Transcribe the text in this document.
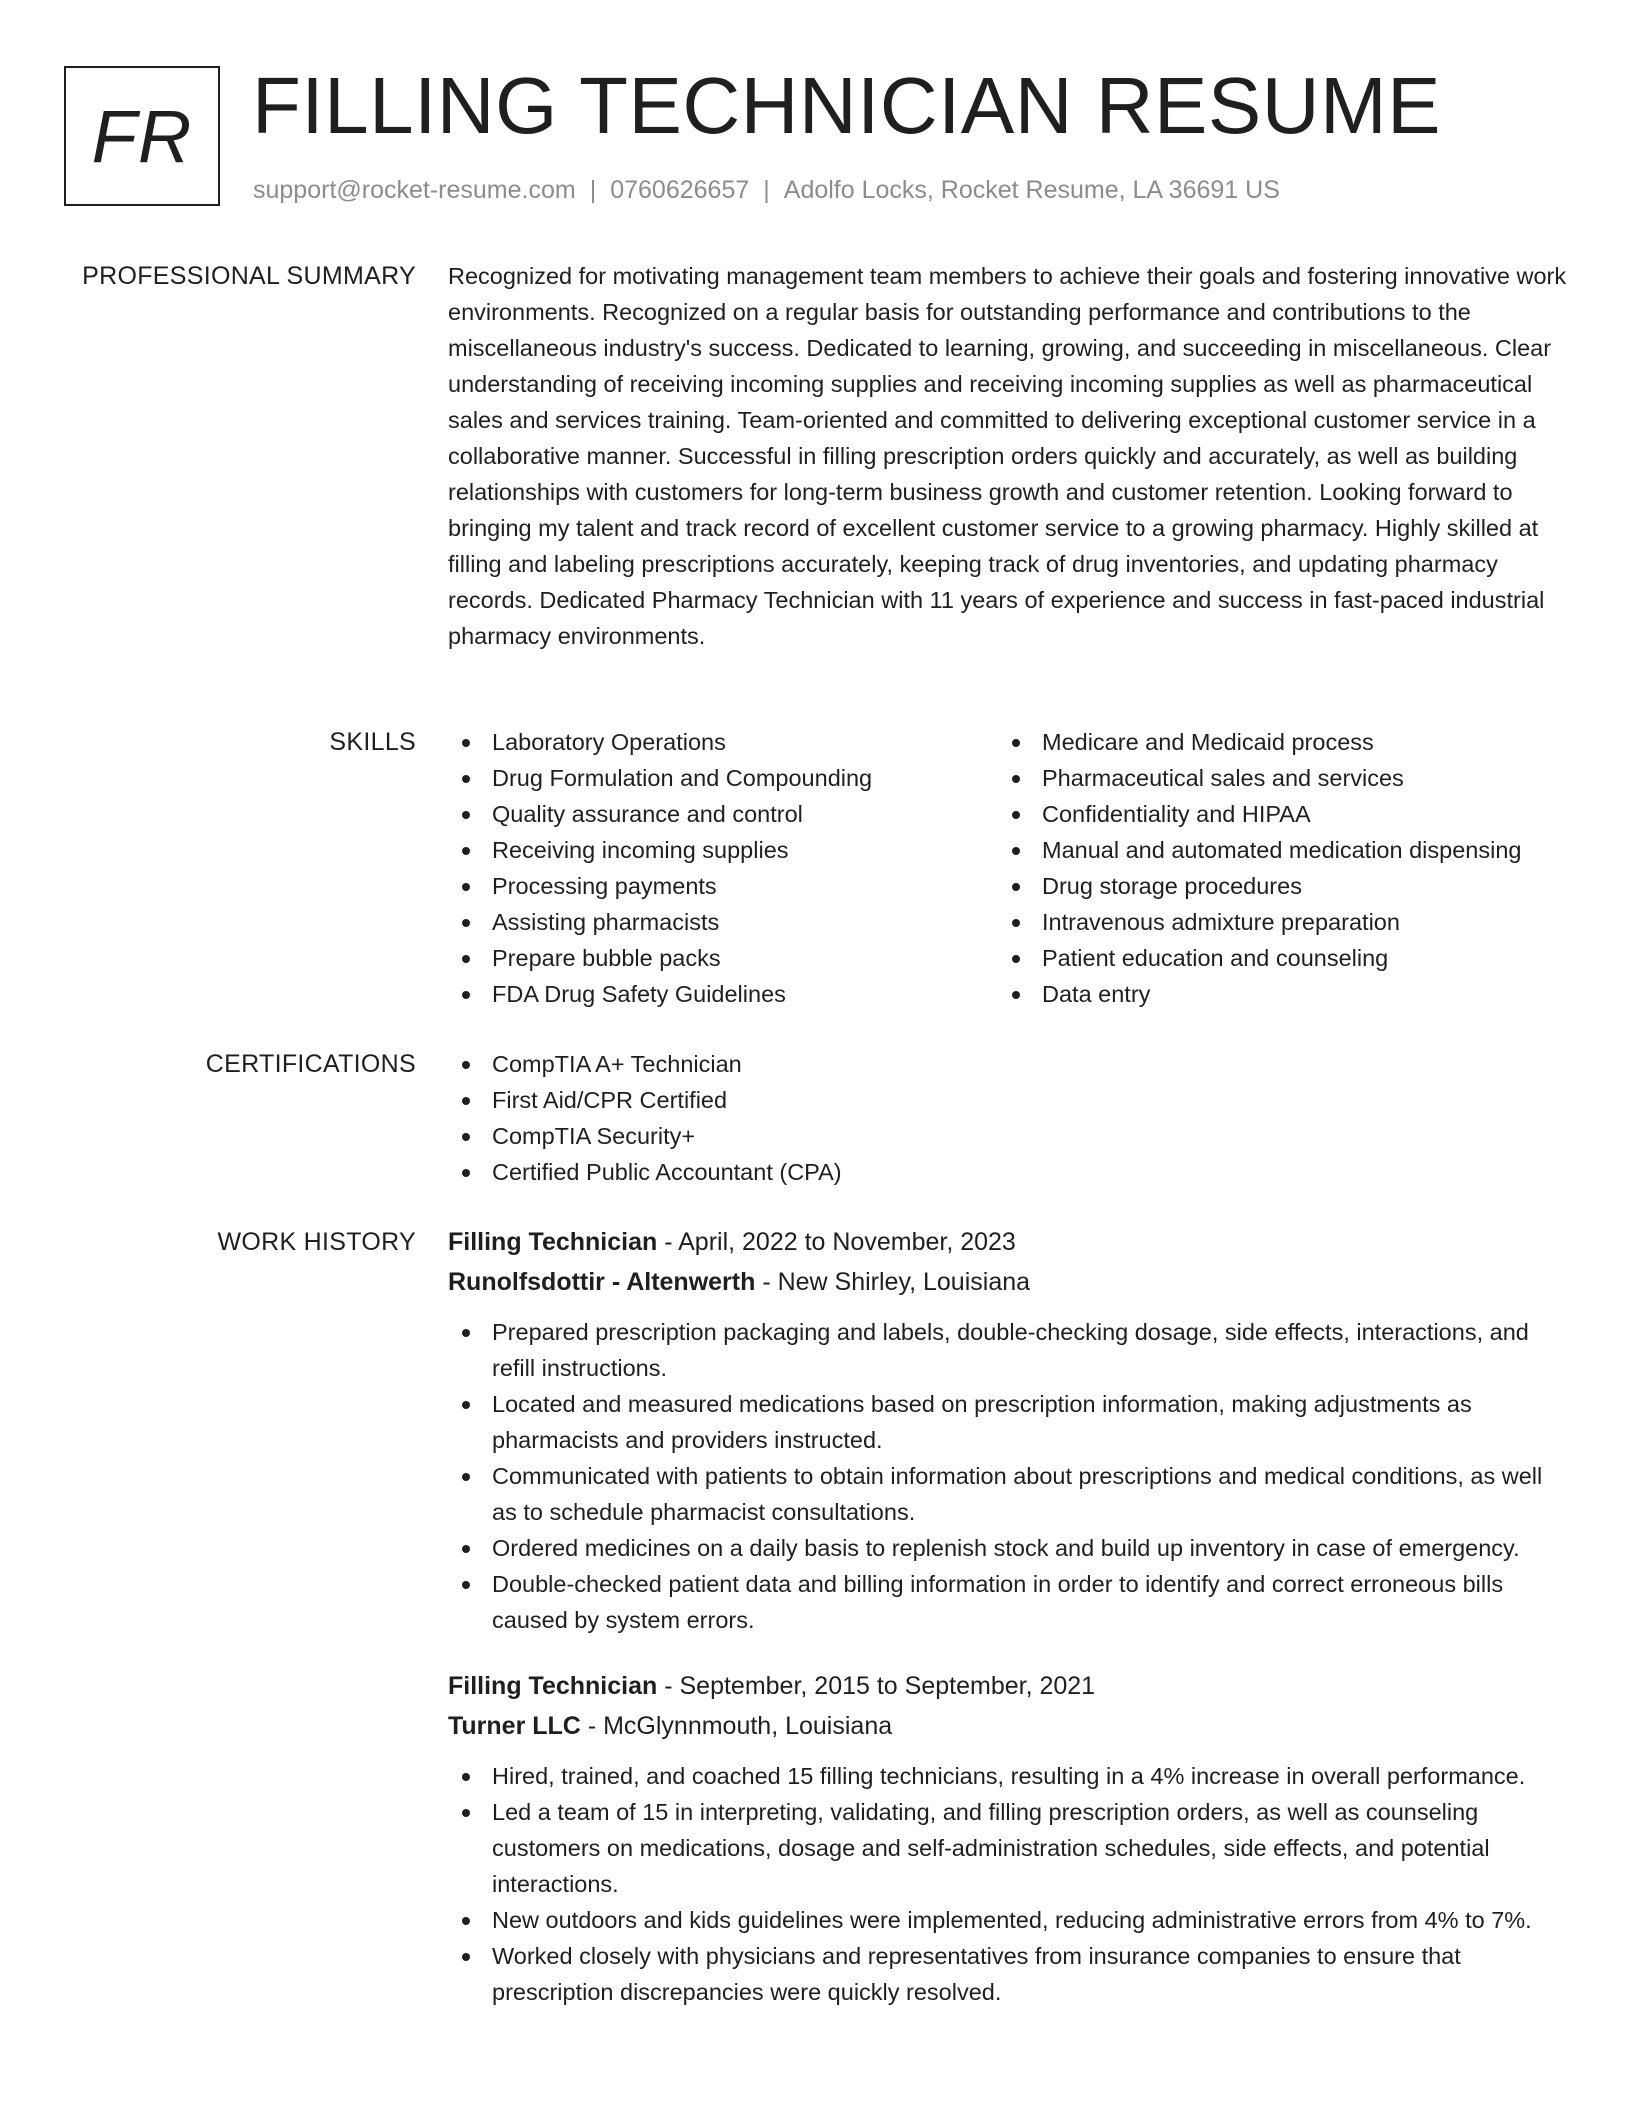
FR FILLING TECHNICIAN RESUME
support@rocket-resume.com | 0760626657 | Adolfo Locks, Rocket Resume, LA 36691 US
PROFESSIONAL SUMMARY Recognized for motivating management team members to achieve their goals and fostering innovative work environments. Recognized on a regular basis for outstanding performance and contributions to the miscellaneous industry's success. Dedicated to learning, growing, and succeeding in miscellaneous. Clear understanding of receiving incoming supplies and receiving incoming supplies as well as pharmaceutical sales and services training. Team-oriented and committed to delivering exceptional customer service in a collaborative manner. Successful in filling prescription orders quickly and accurately, as well as building relationships with customers for long-term business growth and customer retention. Looking forward to bringing my talent and track record of excellent customer service to a growing pharmacy. Highly skilled at filling and labeling prescriptions accurately, keeping track of drug inventories, and updating pharmacy records. Dedicated Pharmacy Technician with 11 years of experience and success in fast-paced industrial pharmacy environments.

SKILLS	Laboratory Operations
Drug Formulation and Compounding
Quality assurance and control
Receiving incoming supplies
Processing payments
Assisting pharmacists
Prepare bubble packs
FDA Drug Safety Guidelines
Medicare and Medicaid process
Pharmaceutical sales and services
Confidentiality and HIPAA
Manual and automated medication dispensing
Drug storage procedures
Intravenous admixture preparation
Patient education and counseling
Data entry
CERTIFICATIONS	CompTIA A+ Technician
First Aid/CPR Certified
CompTIA Security+
Certified Public Accountant (CPA)
WORK HISTORY Filling Technician - April, 2022 to November, 2023
Runolfsdottir - Altenwerth - New Shirley, Louisiana
Prepared prescription packaging and labels, double-checking dosage, side effects, interactions, and refill instructions.
Located and measured medications based on prescription information, making adjustments as pharmacists and providers instructed.
Communicated with patients to obtain information about prescriptions and medical conditions, as well as to schedule pharmacist consultations.
Ordered medicines on a daily basis to replenish stock and build up inventory in case of emergency.
Double-checked patient data and billing information in order to identify and correct erroneous bills caused by system errors.
Filling Technician - September, 2015 to September, 2021
Turner LLC - McGlynnmouth, Louisiana
Hired, trained, and coached 15 filling technicians, resulting in a 4% increase in overall performance.
Led a team of 15 in interpreting, validating, and filling prescription orders, as well as counseling customers on medications, dosage and self-administration schedules, side effects, and potential interactions.
New outdoors and kids guidelines were implemented, reducing administrative errors from 4% to 7%.
Worked closely with physicians and representatives from insurance companies to ensure that prescription discrepancies were quickly resolved.
